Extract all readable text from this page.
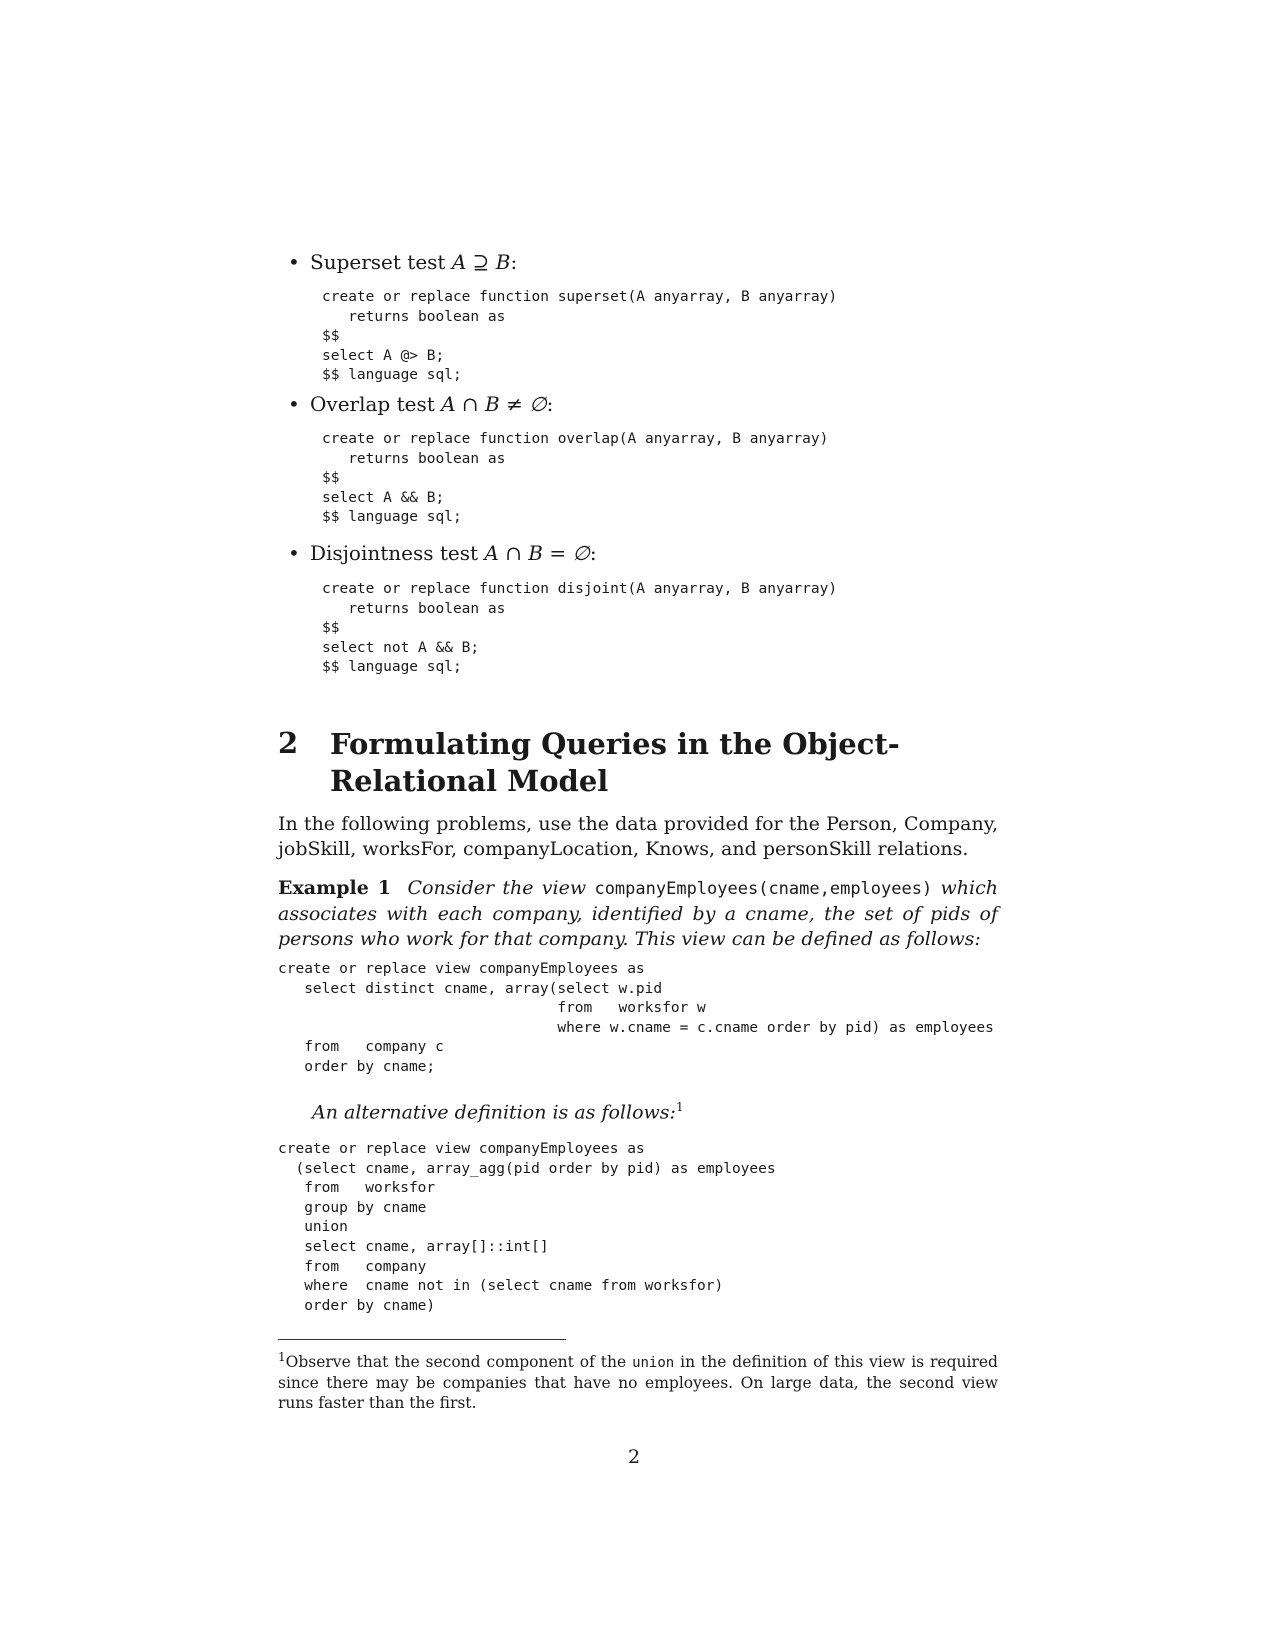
• Superset test A ⊇ B:
create or replace function superset(A anyarray, B anyarray)
returns boolean as
$$
select A @> B;
$$ language sql;
• Overlap test A ∩ B ≠ ∅:
create or replace function overlap(A anyarray, B anyarray)
returns boolean as
$$
select A && B;
$$ language sql;
• Disjointness test A ∩ B = ∅:
create or replace function disjoint(A anyarray, B anyarray)
returns boolean as
$$
select not A && B;
$$ language sql;
2 Formulating Queries in the Object-Relational Model
In the following problems, use the data provided for the Person, Company, jobSkill, worksFor, companyLocation, Knows, and personSkill relations.
Example 1 Consider the view companyEmployees(cname,employees) which associates with each company, identified by a cname, the set of pids of persons who work for that company. This view can be defined as follows:
create or replace view companyEmployees as
select distinct cname, array(select w.pid
from   worksfor w
where w.cname = c.cname order by pid) as employees
from   company c
order by cname;
An alternative definition is as follows:$^1$
create or replace view companyEmployees as
(select cname, array_agg(pid order by pid) as employees
from   worksfor
group by cname
union
select cname, array[]::int[]
from   company
where  cname not in (select cname from worksfor)
order by cname)
$^1$Observe that the second component of the union in the definition of this view is required since there may be companies that have no employees. On large data, the second view runs faster than the first.
2
